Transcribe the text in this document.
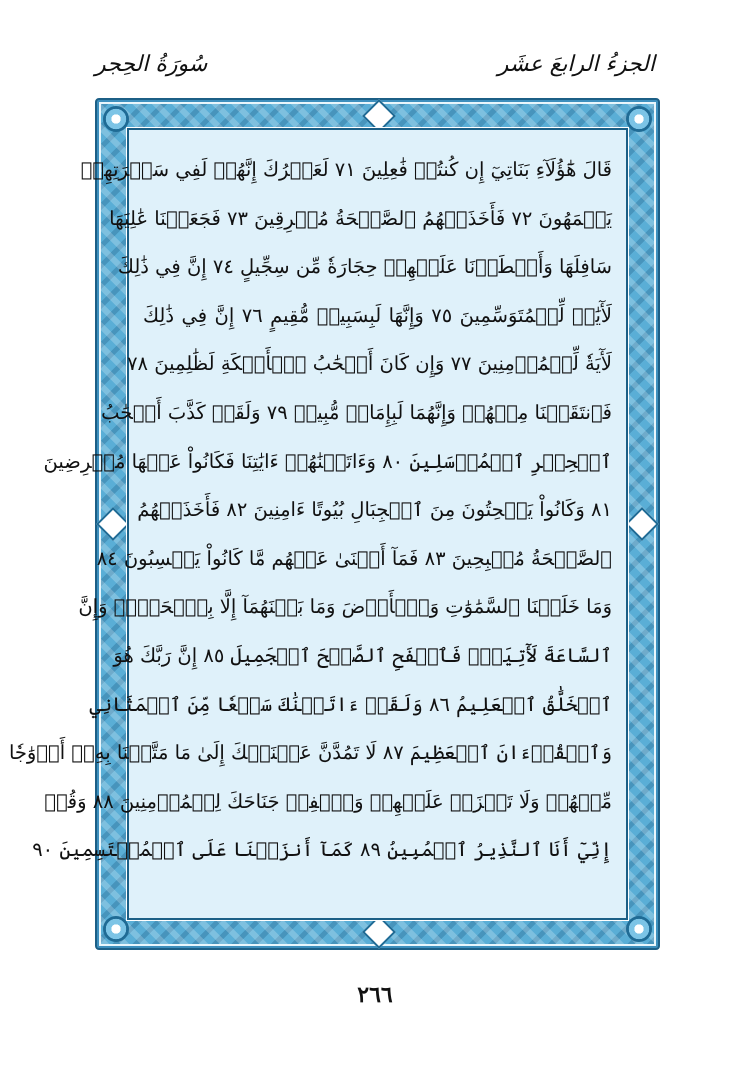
الجزءُ الرابعَ عشَر
سُورَةُ الحِجر
قَالَ هَٰٓؤُلَآءِ بَنَاتِيٓ إِن كُنتُمۡ فَٰعِلِينَ ٧١ لَعَمۡرُكَ إِنَّهُمۡ لَفِي سَكۡرَتِهِمۡ
يَعۡمَهُونَ ٧٢ فَأَخَذَتۡهُمُ ٱلصَّيۡحَةُ مُشۡرِقِينَ ٧٣ فَجَعَلۡنَا عَٰلِيَهَا
سَافِلَهَا وَأَمۡطَرۡنَا عَلَيۡهِمۡ حِجَارَةٗ مِّن سِجِّيلٍ ٧٤ إِنَّ فِي ذَٰلِكَ
لَأٓيَٰتٖ لِّلۡمُتَوَسِّمِينَ ٧٥ وَإِنَّهَا لَبِسَبِيلٖ مُّقِيمٍ ٧٦ إِنَّ فِي ذَٰلِكَ
لَأٓيَةٗ لِّلۡمُؤۡمِنِينَ ٧٧ وَإِن كَانَ أَصۡحَٰبُ ٱلۡأَيۡكَةِ لَظَٰلِمِينَ ٧٨
فَٱنتَقَمۡنَا مِنۡهُمۡ وَإِنَّهُمَا لَبِإِمَامٖ مُّبِينٖ ٧٩ وَلَقَدۡ كَذَّبَ أَصۡحَٰبُ
ٱلۡحِجۡرِ ٱلۡمُرۡسَلِينَ ٨٠ وَءَاتَيۡنَٰهُمۡ ءَايَٰتِنَا فَكَانُواْ عَنۡهَا مُعۡرِضِينَ
٨١ وَكَانُواْ يَنۡحِتُونَ مِنَ ٱلۡجِبَالِ بُيُوتًا ءَامِنِينَ ٨٢ فَأَخَذَتۡهُمُ
ٱلصَّيۡحَةُ مُصۡبِحِينَ ٨٣ فَمَآ أَغۡنَىٰ عَنۡهُم مَّا كَانُواْ يَكۡسِبُونَ ٨٤
وَمَا خَلَقۡنَا ٱلسَّمَٰوَٰتِ وَٱلۡأَرۡضَ وَمَا بَيۡنَهُمَآ إِلَّا بِٱلۡحَقِّۗ وَإِنَّ
ٱلسَّاعَةَ لَأٓتِيَةٞۖ فَٱصۡفَحِ ٱلصَّفۡحَ ٱلۡجَمِيلَ ٨٥ إِنَّ رَبَّكَ هُوَ
ٱلۡخَلَّٰقُ ٱلۡعَلِيمُ ٨٦ وَلَقَدۡ ءَاتَيۡنَٰكَ سَبۡعٗا مِّنَ ٱلۡمَثَانِي
وَٱلۡقُرۡءَانَ ٱلۡعَظِيمَ ٨٧ لَا تَمُدَّنَّ عَيۡنَيۡكَ إِلَىٰ مَا مَتَّعۡنَا بِهِۦٓ أَزۡوَٰجٗا
مِّنۡهُمۡ وَلَا تَحۡزَنۡ عَلَيۡهِمۡ وَٱخۡفِضۡ جَنَاحَكَ لِلۡمُؤۡمِنِينَ ٨٨ وَقُلۡ
إِنِّيٓ أَنَا ٱلنَّذِيرُ ٱلۡمُبِينُ ٨٩ كَمَآ أَنزَلۡنَا عَلَى ٱلۡمُقۡتَسِمِينَ ٩٠
٢٦٦
